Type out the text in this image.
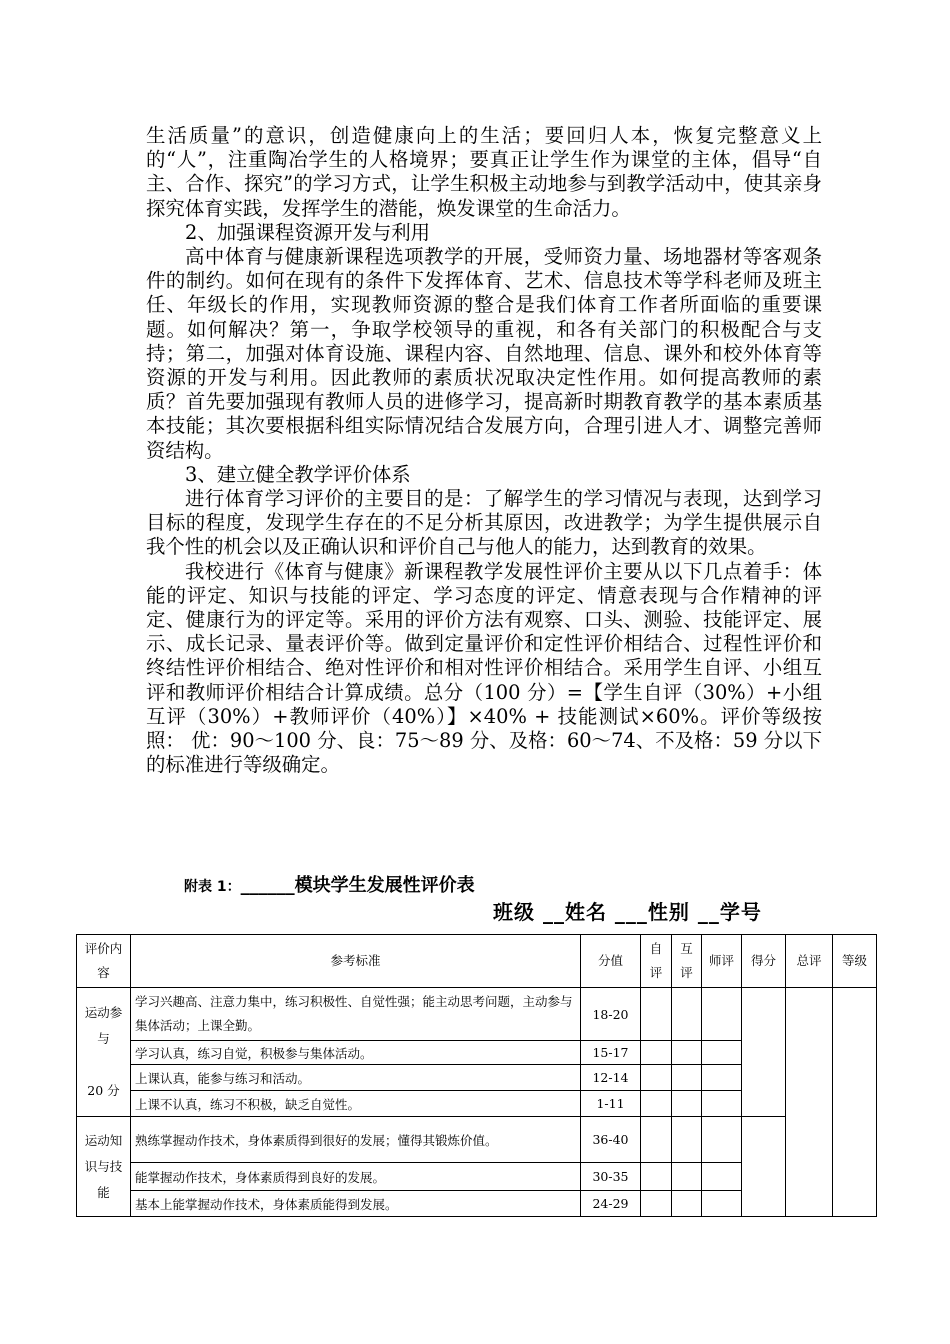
生活质量”的意识，创造健康向上的生活；要回归人本，恢复完整意义上的“人”，注重陶冶学生的人格境界；要真正让学生作为课堂的主体，倡导“自主、合作、探究”的学习方式，让学生积极主动地参与到教学活动中，使其亲身探究体育实践，发挥学生的潜能，焕发课堂的生命活力。

2、加强课程资源开发与利用

高中体育与健康新课程选项教学的开展，受师资力量、场地器材等客观条件的制约。如何在现有的条件下发挥体育、艺术、信息技术等学科老师及班主任、年级长的作用，实现教师资源的整合是我们体育工作者所面临的重要课题。如何解决？第一，争取学校领导的重视，和各有关部门的积极配合与支持；第二，加强对体育设施、课程内容、自然地理、信息、课外和校外体育等资源的开发与利用。因此教师的素质状况取决定性作用。如何提高教师的素质？首先要加强现有教师人员的进修学习，提高新时期教育教学的基本素质基本技能；其次要根据科组实际情况结合发展方向，合理引进人才、调整完善师资结构。

3、建立健全教学评价体系

进行体育学习评价的主要目的是：了解学生的学习情况与表现，达到学习目标的程度，发现学生存在的不足分析其原因，改进教学；为学生提供展示自我个性的机会以及正确认识和评价自己与他人的能力，达到教育的效果。

我校进行《体育与健康》新课程教学发展性评价主要从以下几点着手：体能的评定、知识与技能的评定、学习态度的评定、情意表现与合作精神的评定、健康行为的评定等。采用的评价方法有观察、口头、测验、技能评定、展示、成长记录、量表评价等。做到定量评价和定性评价相结合、过程性评价和终结性评价相结合、绝对性评价和相对性评价相结合。采用学生自评、小组互评和教师评价相结合计算成绩。总分（100 分）=【学生自评（30%）+小组互评（30%）+教师评价（40%）】×40% + 技能测试×60%。评价等级按照： 优：90～100 分、良：75～89 分、及格：60～74、不及格：59 分以下的标准进行等级确定。

附表 1：______模块学生发展性评价表
班级 __姓名 ___性别 __学号
评价内容	参考标准	分值	自评	互评	师评	得分	总评	等级

运动参与
20 分	学习兴趣高、注意力集中，练习积极性、自觉性强；能主动思考问题，主动参与集体活动；上课全勤。	18-20						
	学习认真，练习自觉，积极参与集体活动。	15-17						
	上课认真，能参与练习和活动。	12-14						
	上课不认真，练习不积极，缺乏自觉性。	1-11						
运动知识与技能	熟练掌握动作技术，身体素质得到很好的发展；懂得其锻炼价值。	36-40						
	能掌握动作技术，身体素质得到良好的发展。	30-35						
	基本上能掌握动作技术，身体素质能得到发展。	24-29						
